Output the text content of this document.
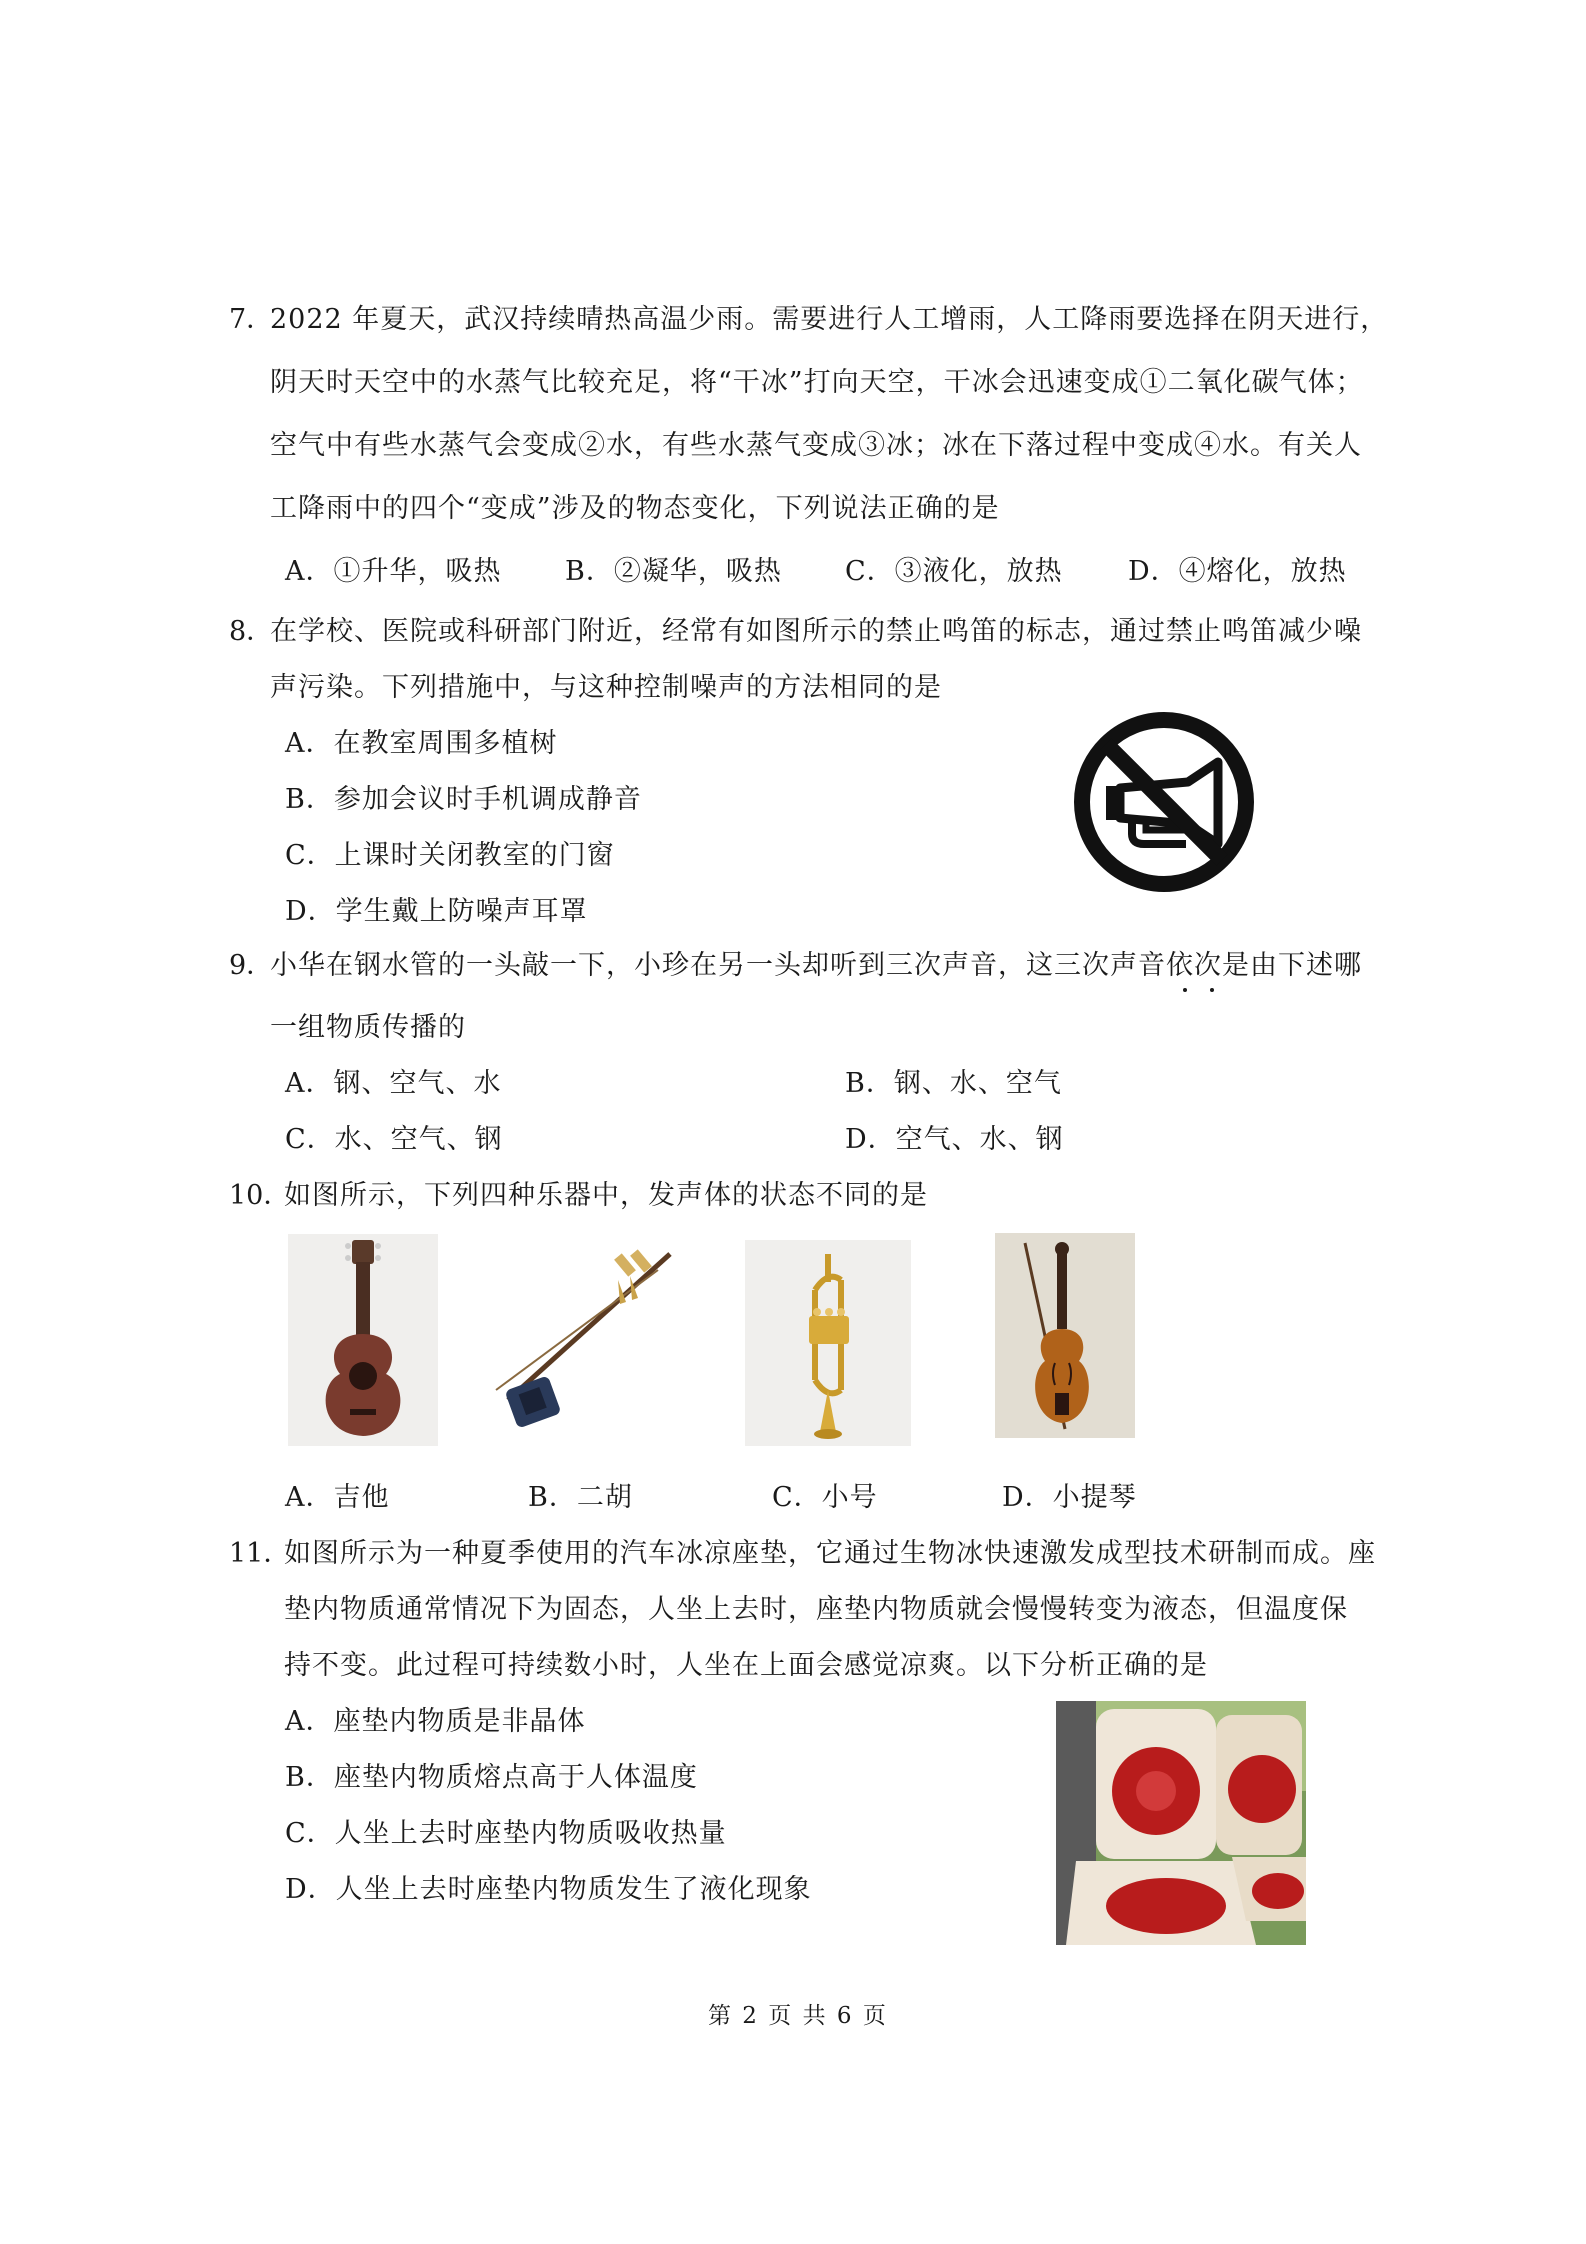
7．
2022 年夏天，武汉持续晴热高温少雨。需要进行人工增雨，人工降雨要选择在阴天进行，
阴天时天空中的水蒸气比较充足，将“干冰”打向天空，干冰会迅速变成①二氧化碳气体；
空气中有些水蒸气会变成②水，有些水蒸气变成③冰；冰在下落过程中变成④水。有关人
工降雨中的四个“变成”涉及的物态变化，下列说法正确的是
A．①升华，吸热 B．②凝华，吸热 C．③液化，放热 D．④熔化，放热
8．
在学校、医院或科研部门附近，经常有如图所示的禁止鸣笛的标志，通过禁止鸣笛减少噪
声污染。下列措施中，与这种控制噪声的方法相同的是
A．在教室周围多植树
B．参加会议时手机调成静音
C．上课时关闭教室的门窗
D．学生戴上防噪声耳罩
9．
小华在钢水管的一头敲一下，小珍在另一头却听到三次声音，这三次声音依次是由下述哪
一组物质传播的
A．钢、空气、水	B．钢、水、空气
C．水、空气、钢	D．空气、水、钢
10．
如图所示，下列四种乐器中，发声体的状态不同的是
A．吉他	B．二胡	C．小号	D．小提琴
11．
如图所示为一种夏季使用的汽车冰凉座垫，它通过生物冰快速激发成型技术研制而成。座
垫内物质通常情况下为固态，人坐上去时，座垫内物质就会慢慢转变为液态，但温度保
持不变。此过程可持续数小时，人坐在上面会感觉凉爽。以下分析正确的是
A．座垫内物质是非晶体
B．座垫内物质熔点高于人体温度
C．人坐上去时座垫内物质吸收热量
D．人坐上去时座垫内物质发生了液化现象
第 2 页 共 6 页
